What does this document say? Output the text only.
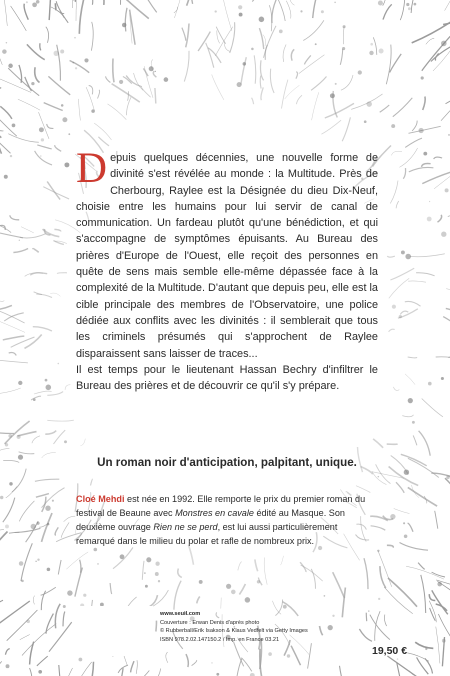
Depuis quelques décennies, une nouvelle forme de divinité s'est révélée au monde : la Multitude. Près de Cherbourg, Raylee est la Désignée du dieu Dix-Neuf, choisie entre les humains pour lui servir de canal de communication. Un fardeau plutôt qu'une bénédiction, et qui s'accompagne de symptômes épuisants. Au Bureau des prières d'Europe de l'Ouest, elle reçoit des personnes en quête de sens mais semble elle-même dépassée face à la complexité de la Multitude. D'autant que depuis peu, elle est la cible principale des membres de l'Observatoire, une police dédiée aux conflits avec les divinités : il semblerait que tous les criminels présumés qui s'approchent de Raylee disparaissent sans laisser de traces...

Il est temps pour le lieutenant Hassan Bechry d'infiltrer le Bureau des prières et de découvrir ce qu'il s'y prépare.

Un roman noir d'anticipation, palpitant, unique.
Cloé Mehdi est née en 1992. Elle remporte le prix du premier roman du festival de Beaune avec Monstres en cavale édité au Masque. Son deuxième ouvrage Rien ne se perd, est lui aussi particulièrement remarqué dans le milieu du polar et rafle de nombreux prix.
www.seuil.com
Couverture : Erwan Denis d'après photo
© Rubberball/Erik Isakson & Klaus Vedfelt via Getty Images
ISBN 978.2.02.147150.2 / Imp. en France 03.21
19,50 €
